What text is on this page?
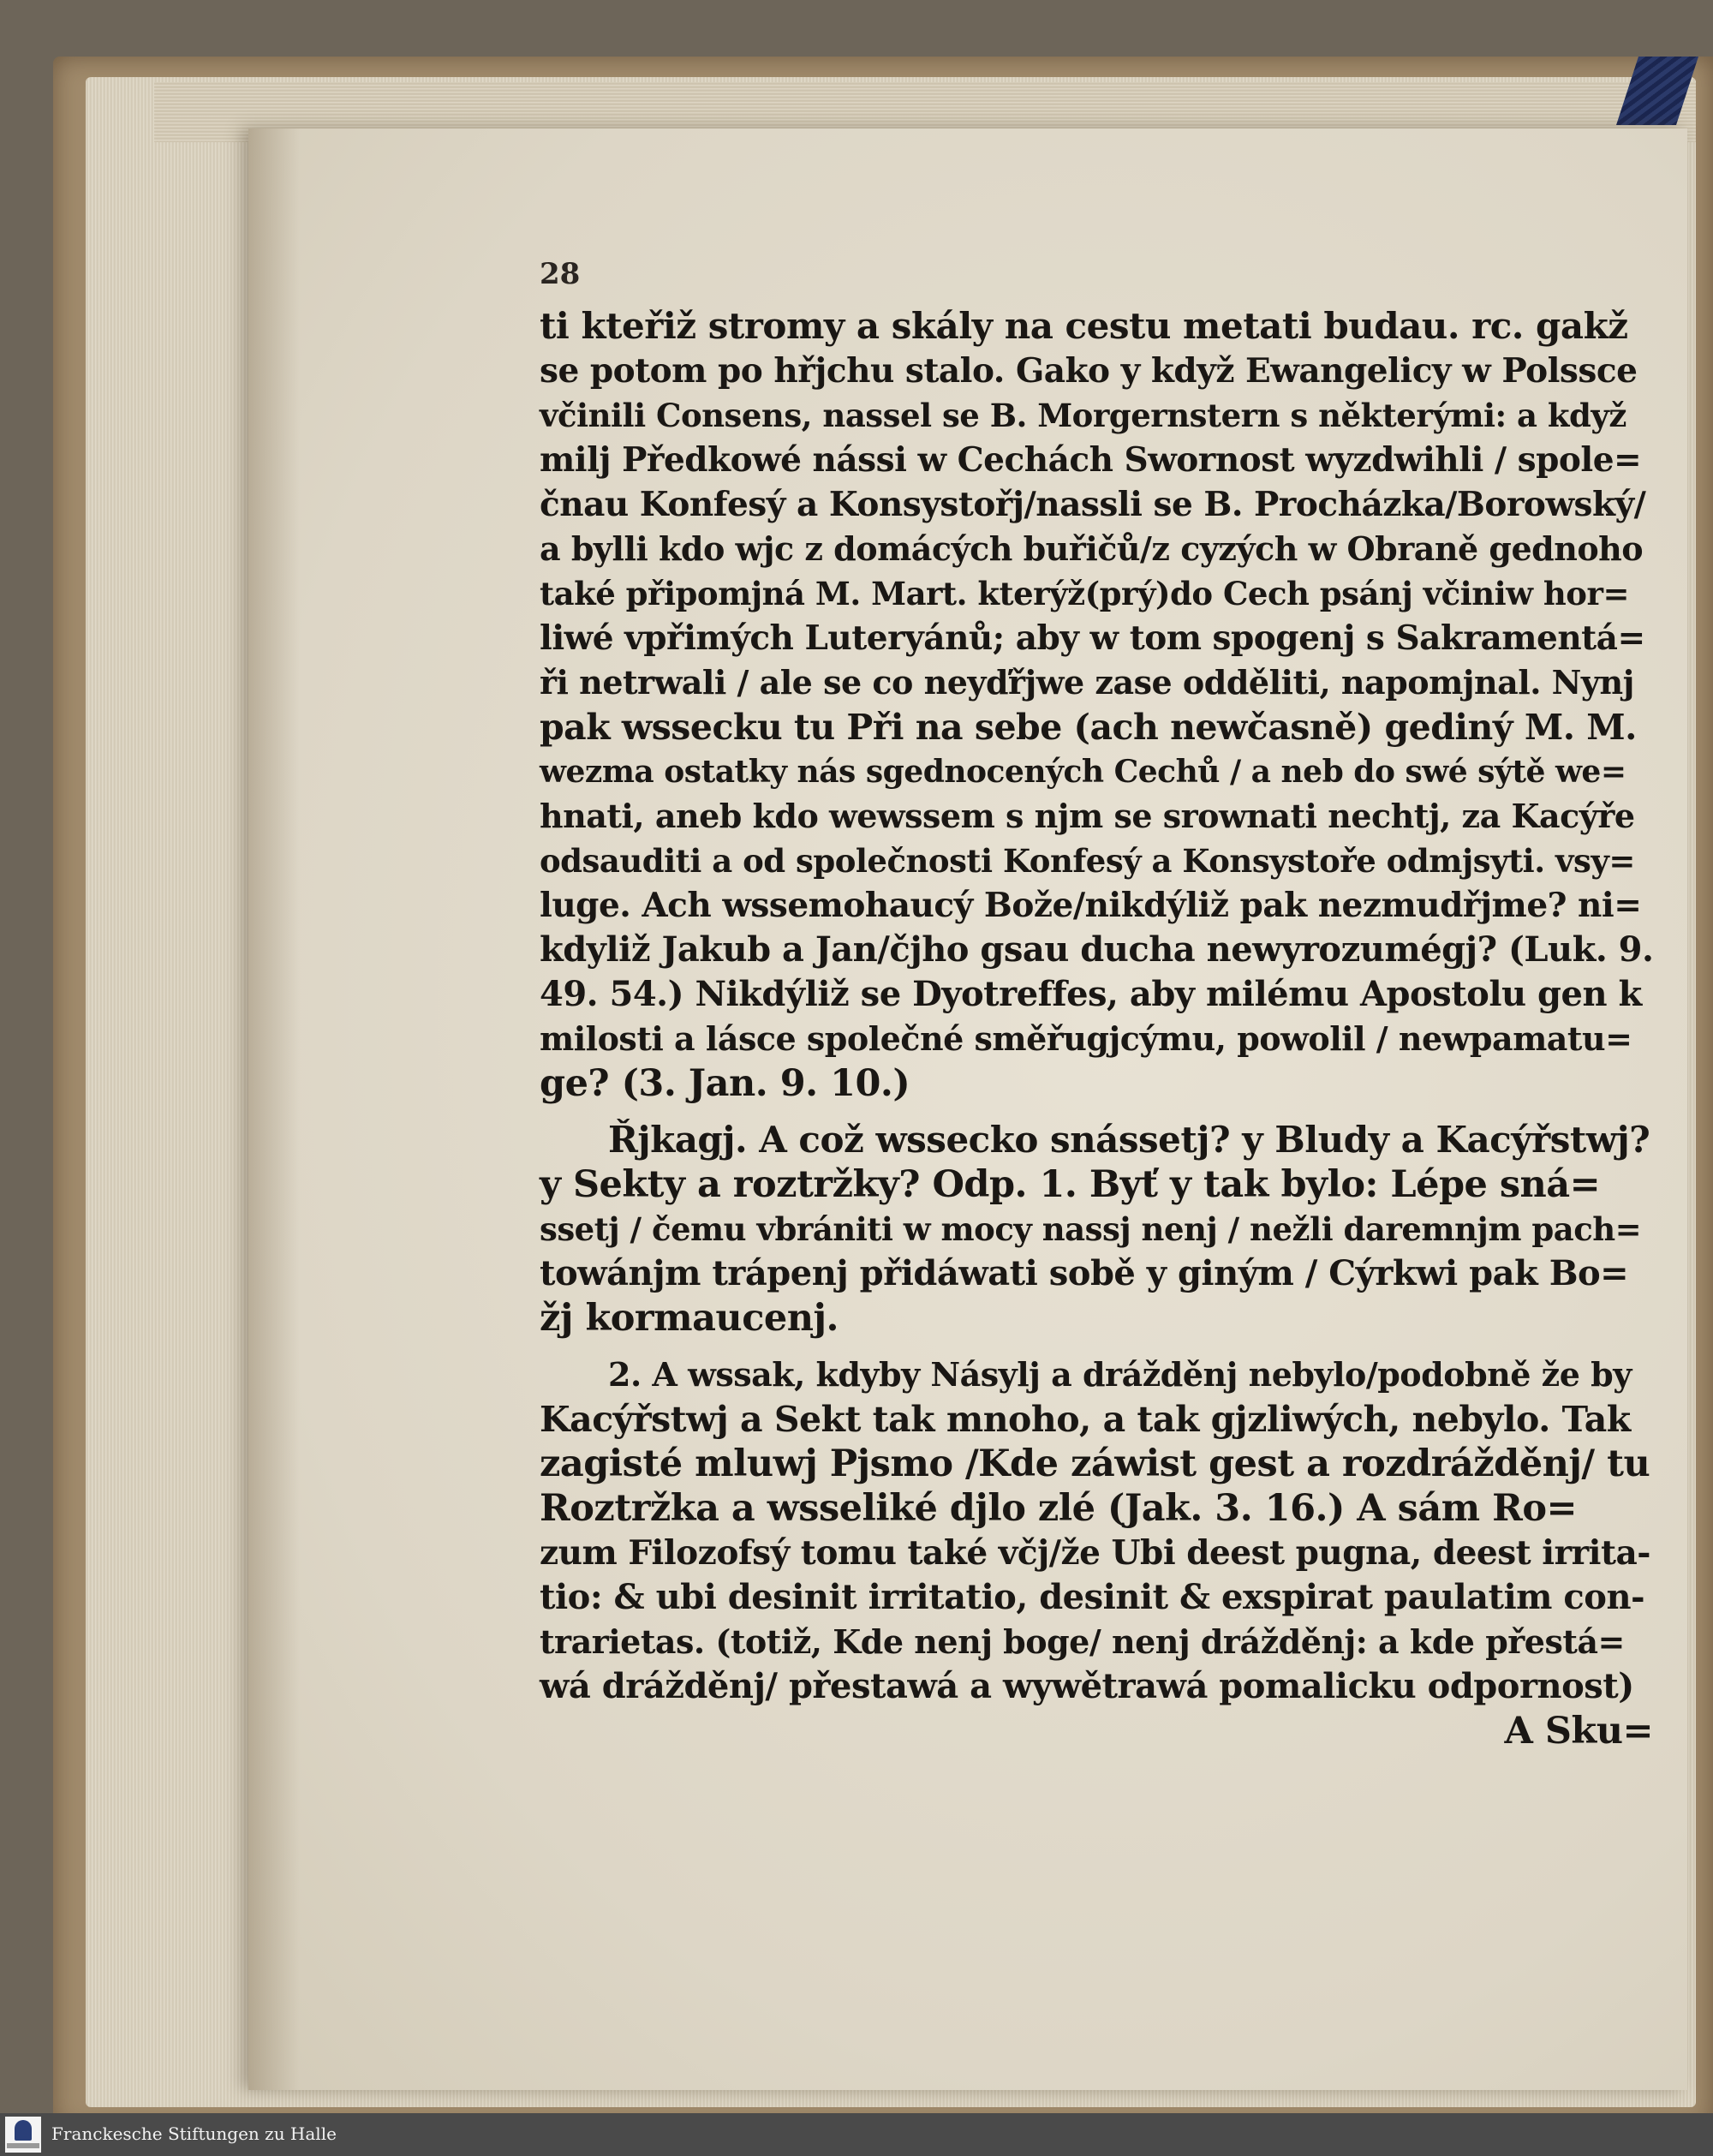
28
ti kteřiž stromy a skály na cestu metati budau. rc. gakž
se potom po hřjchu stalo. Gako y když Ewangelicy w Polssce
včinili Consens, nassel se B. Morgernstern s některými: a když
milj Předkowé nássi w Cechách Swornost wyzdwihli / spole=
čnau Konfesý a Konsystořj/nassli se B. Procházka/Borowský/
a bylli kdo wjc z domácých buřičů/z cyzých w Obraně gednoho
také připomjná M. Mart. kterýž(prý)do Cech psánj včiniw hor=
liwé vpřimých Luteryánů; aby w tom spogenj s Sakramentá=
ři netrwali / ale se co neyďřjwe zase odděliti, napomjnal. Nynj
pak wssecku tu Při na sebe (ach newčasně) gediný M. M.
wezma ostatky nás sgednocených Cechů / a neb do swé sýtě we=
hnati, aneb kdo wewssem s njm se srownati nechtj, za Kacýře
odsauditi a od společnosti Konfesý a Konsystoře odmjsyti. vsy=
luge. Ach wssemohaucý Bože/nikdýliž pak nezmudřjme? ni=
kdyliž Jakub a Jan/čjho gsau ducha newyrozumégj? (Luk. 9.
49. 54.) Nikdýliž se Dyotreffes, aby milému Apostolu gen k
milosti a lásce společné směřugjcýmu, powolil / newpamatu=
ge? (3. Jan. 9. 10.)
Řjkagj. A což wssecko snássetj? y Bludy a Kacýřstwj?
y Sekty a roztržky? Odp. 1. Byť y tak bylo: Lépe sná=
ssetj / čemu vbrániti w mocy nassj nenj / nežli daremnjm pach=
towánjm trápenj přidáwati sobě y giným / Cýrkwi pak Bo=
žj kormaucenj.
2. A wssak, kdyby Násylj a drážděnj nebylo/podobně že by
Kacýřstwj a Sekt tak mnoho, a tak gjzliwých, nebylo. Tak
zagisté mluwj Pjsmo /Kde záwist gest a rozdrážděnj/ tu
Roztržka a wsseliké djlo zlé (Jak. 3. 16.) A sám Ro=
zum Filozofsý tomu také včj/že Ubi deest pugna, deest irrita-
tio: & ubi desinit irritatio, desinit & exspirat paulatim con-
trarietas. (totiž, Kde nenj boge/ nenj drážděnj: a kde přestá=
wá drážděnj/ přestawá a wywětrawá pomalicku odpornost)
A Sku=
Franckesche Stiftungen zu Halle
